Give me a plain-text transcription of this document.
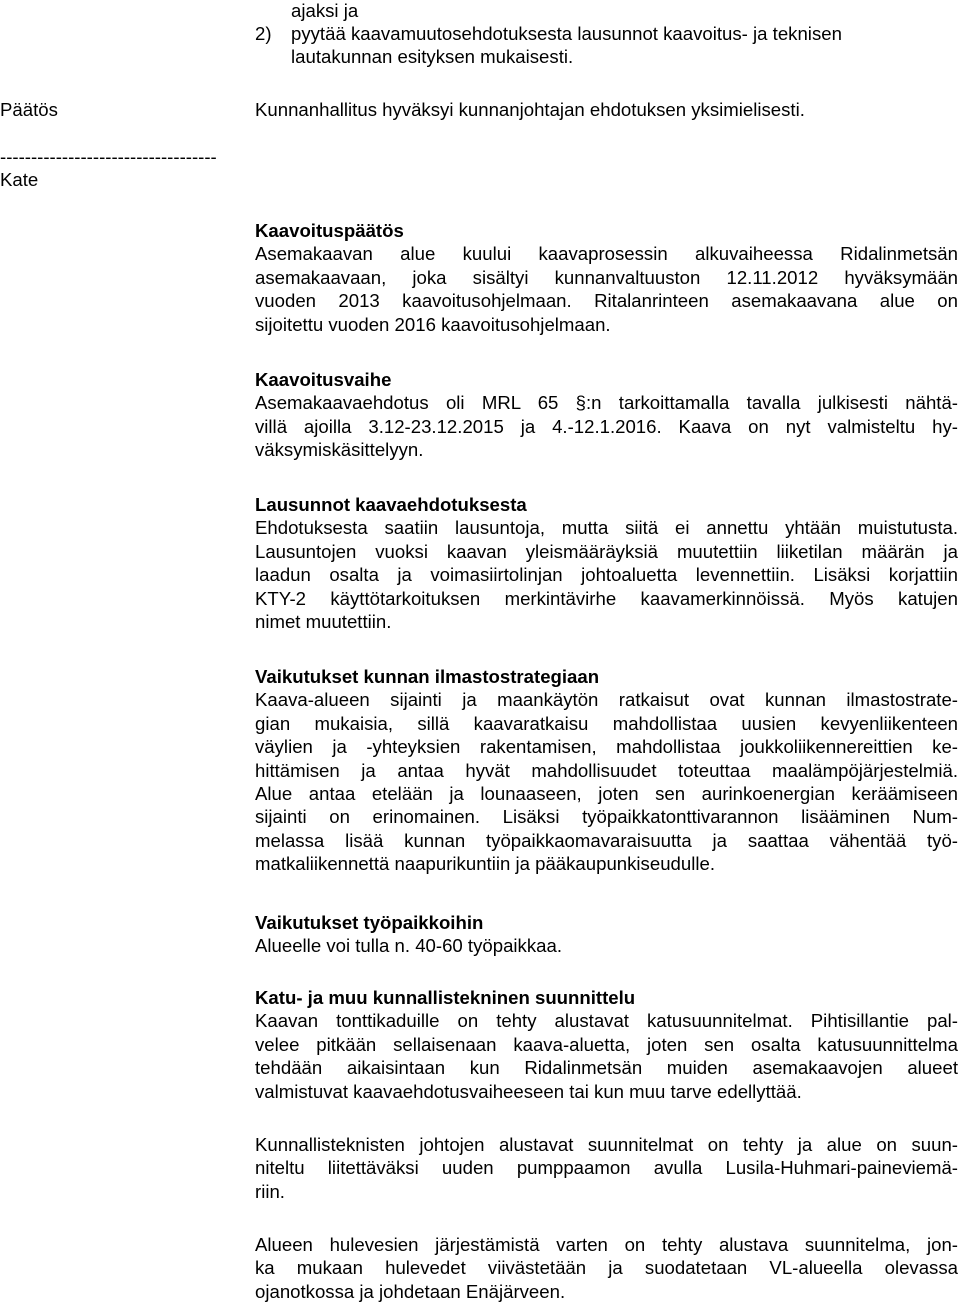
ajaksi ja
2) pyytää kaavamuutosehdotuksesta lausunnot kaavoitus- ja teknisen
lautakunnan esityksen mukaisesti.
Päätös	Kunnanhallitus hyväksyi kunnanjohtajan ehdotuksen yksimielisesti.
-----------------------------------
Kate
Kaavoituspäätös
Asemakaavan alue kuului kaavaprosessin alkuvaiheessa Ridalinmetsän
asemakaavaan, joka sisältyi kunnanvaltuuston 12.11.2012 hyväksymään
vuoden 2013 kaavoitusohjelmaan. Ritalanrinteen asemakaavana alue on
sijoitettu vuoden 2016 kaavoitusohjelmaan.
Kaavoitusvaihe
Asemakaavaehdotus oli MRL 65 §:n tarkoittamalla tavalla julkisesti nähtä-
villä ajoilla 3.12-23.12.2015 ja 4.-12.1.2016. Kaava on nyt valmisteltu hy-
väksymiskäsittelyyn.
Lausunnot kaavaehdotuksesta
Ehdotuksesta saatiin lausuntoja, mutta siitä ei annettu yhtään muistutusta.
Lausuntojen vuoksi kaavan yleismääräyksiä muutettiin liiketilan määrän ja
laadun osalta ja voimasiirtolinjan johtoaluetta levennettiin. Lisäksi korjattiin
KTY-2 käyttötarkoituksen merkintävirhe kaavamerkinnöissä. Myös katujen
nimet muutettiin.
Vaikutukset kunnan ilmastostrategiaan
Kaava-alueen sijainti ja maankäytön ratkaisut ovat kunnan ilmastostrate-
gian mukaisia, sillä kaavaratkaisu mahdollistaa uusien kevyenliikenteen
väylien ja -yhteyksien rakentamisen, mahdollistaa joukkoliikennereittien ke-
hittämisen ja antaa hyvät mahdollisuudet toteuttaa maalämpöjärjestelmiä.
Alue antaa etelään ja lounaaseen, joten sen aurinkoenergian keräämiseen
sijainti on erinomainen. Lisäksi työpaikkatonttivarannon lisääminen Num-
melassa lisää kunnan työpaikkaomavaraisuutta ja saattaa vähentää työ-
matkaliikennettä naapurikuntiin ja pääkaupunkiseudulle.
Vaikutukset työpaikkoihin
Alueelle voi tulla n. 40-60 työpaikkaa.
Katu- ja muu kunnallistekninen suunnittelu
Kaavan tonttikaduille on tehty alustavat katusuunnitelmat. Pihtisillantie pal-
velee pitkään sellaisenaan kaava-aluetta, joten sen osalta katusuunnittelma
tehdään aikaisintaan kun Ridalinmetsän muiden asemakaavojen alueet
valmistuvat kaavaehdotusvaiheeseen tai kun muu tarve edellyttää.
Kunnallisteknisten johtojen alustavat suunnitelmat on tehty ja alue on suun-
niteltu liitettäväksi uuden pumppaamon avulla Lusila-Huhmari-paineviemä-
riin.
Alueen hulevesien järjestämistä varten on tehty alustava suunnitelma, jon-
ka mukaan hulevedet viivästetään ja suodatetaan VL-alueella olevassa
ojanotkossa ja johdetaan Enäjärveen.
